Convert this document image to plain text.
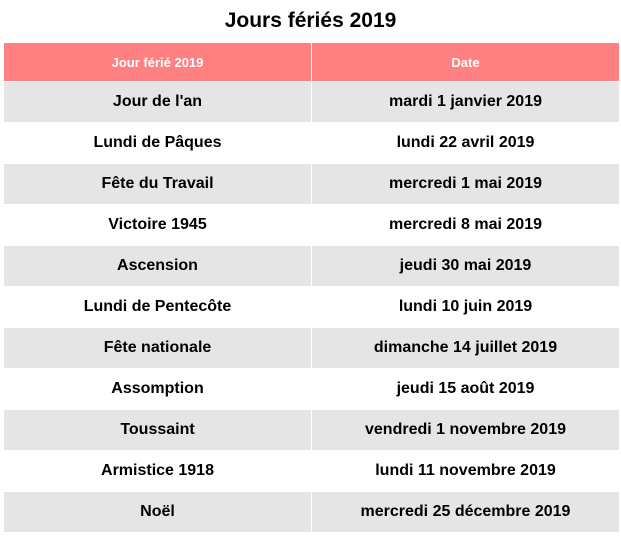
Jours fériés 2019
Jour férié 2019	Date
Jour de l'an	mardi 1 janvier 2019
Lundi de Pâques	lundi 22 avril 2019
Fête du Travail	mercredi 1 mai 2019
Victoire 1945	mercredi 8 mai 2019
Ascension	jeudi 30 mai 2019
Lundi de Pentecôte	lundi 10 juin 2019
Fête nationale	dimanche 14 juillet 2019
Assomption	jeudi 15 août 2019
Toussaint	vendredi 1 novembre 2019
Armistice 1918	lundi 11 novembre 2019
Noël	mercredi 25 décembre 2019
